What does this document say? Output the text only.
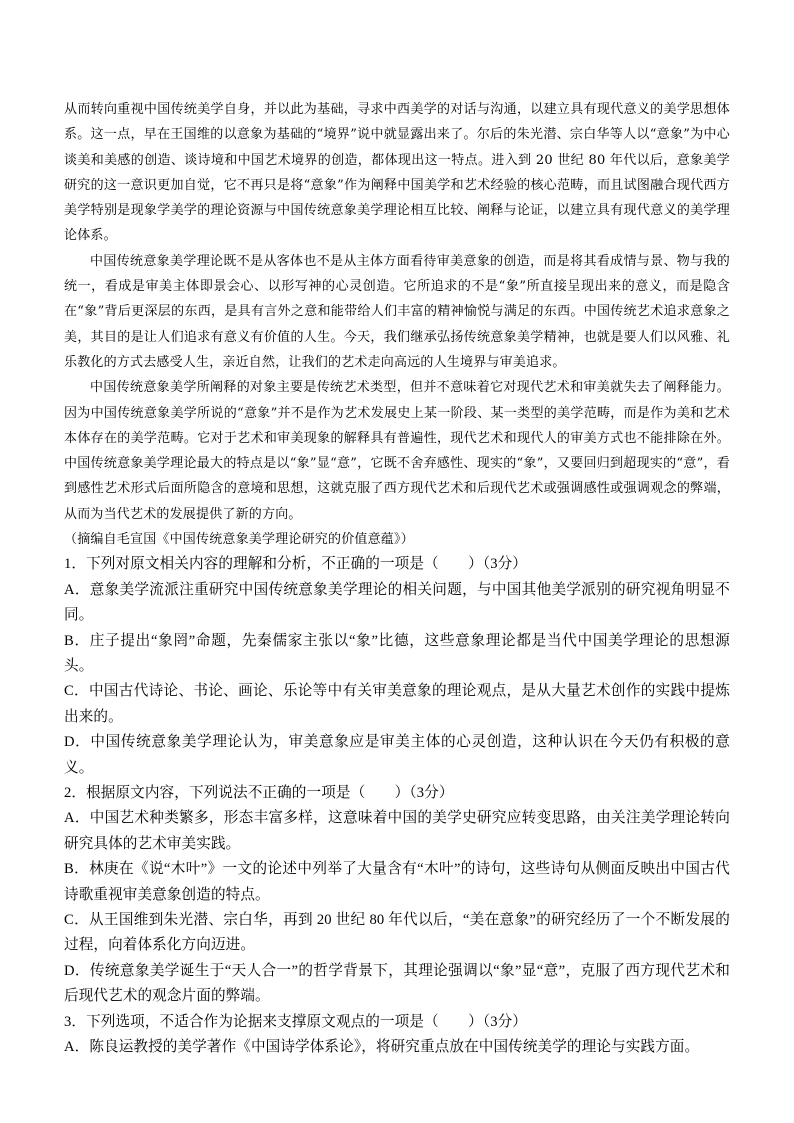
从而转向重视中国传统美学自身，并以此为基础，寻求中西美学的对话与沟通，以建立具有现代意义的美学思想体系。这一点，早在王国维的以意象为基础的“境界”说中就显露出来了。尔后的朱光潜、宗白华等人以“意象”为中心谈美和美感的创造、谈诗境和中国艺术境界的创造，都体现出这一特点。进入到 20 世纪 80 年代以后，意象美学研究的这一意识更加自觉，它不再只是将“意象”作为阐释中国美学和艺术经验的核心范畴，而且试图融合现代西方美学特别是现象学美学的理论资源与中国传统意象美学理论相互比较、阐释与论证，以建立具有现代意义的美学理论体系。

中国传统意象美学理论既不是从客体也不是从主体方面看待审美意象的创造，而是将其看成情与景、物与我的统一，看成是审美主体即景会心、以形写神的心灵创造。它所追求的不是“象”所直接呈现出来的意义，而是隐含在“象”背后更深层的东西，是具有言外之意和能带给人们丰富的精神愉悦与满足的东西。中国传统艺术追求意象之美，其目的是让人们追求有意义有价值的人生。今天，我们继承弘扬传统意象美学精神，也就是要人们以风雅、礼乐教化的方式去感受人生，亲近自然，让我们的艺术走向高远的人生境界与审美追求。

中国传统意象美学所阐释的对象主要是传统艺术类型，但并不意味着它对现代艺术和审美就失去了阐释能力。因为中国传统意象美学所说的“意象”并不是作为艺术发展史上某一阶段、某一类型的美学范畴，而是作为美和艺术本体存在的美学范畴。它对于艺术和审美现象的解释具有普遍性，现代艺术和现代人的审美方式也不能排除在外。中国传统意象美学理论最大的特点是以“象”显“意”，它既不舍弃感性、现实的“象”，又要回归到超现实的“意”，看到感性艺术形式后面所隐含的意境和思想，这就克服了西方现代艺术和后现代艺术或强调感性或强调观念的弊端，从而为当代艺术的发展提供了新的方向。

（摘编自毛宣国《中国传统意象美学理论研究的价值意蕴》）

1．下列对原文相关内容的理解和分析，不正确的一项是（　　）（3分）

A．意象美学流派注重研究中国传统意象美学理论的相关问题，与中国其他美学派别的研究视角明显不同。

B．庄子提出“象罔”命题，先秦儒家主张以“象”比德，这些意象理论都是当代中国美学理论的思想源头。

C．中国古代诗论、书论、画论、乐论等中有关审美意象的理论观点，是从大量艺术创作的实践中提炼出来的。

D．中国传统意象美学理论认为，审美意象应是审美主体的心灵创造，这种认识在今天仍有积极的意义。

2．根据原文内容，下列说法不正确的一项是（　　）（3分）

A．中国艺术种类繁多，形态丰富多样，这意味着中国的美学史研究应转变思路，由关注美学理论转向研究具体的艺术审美实践。

B．林庚在《说“木叶”》一文的论述中列举了大量含有“木叶”的诗句，这些诗句从侧面反映出中国古代诗歌重视审美意象创造的特点。

C．从王国维到朱光潜、宗白华，再到 20 世纪 80 年代以后，“美在意象”的研究经历了一个不断发展的过程，向着体系化方向迈进。

D．传统意象美学诞生于“天人合一”的哲学背景下，其理论强调以“象”显“意”，克服了西方现代艺术和后现代艺术的观念片面的弊端。

3．下列选项，不适合作为论据来支撑原文观点的一项是（　　）（3分）

A．陈良运教授的美学著作《中国诗学体系论》，将研究重点放在中国传统美学的理论与实践方面。
